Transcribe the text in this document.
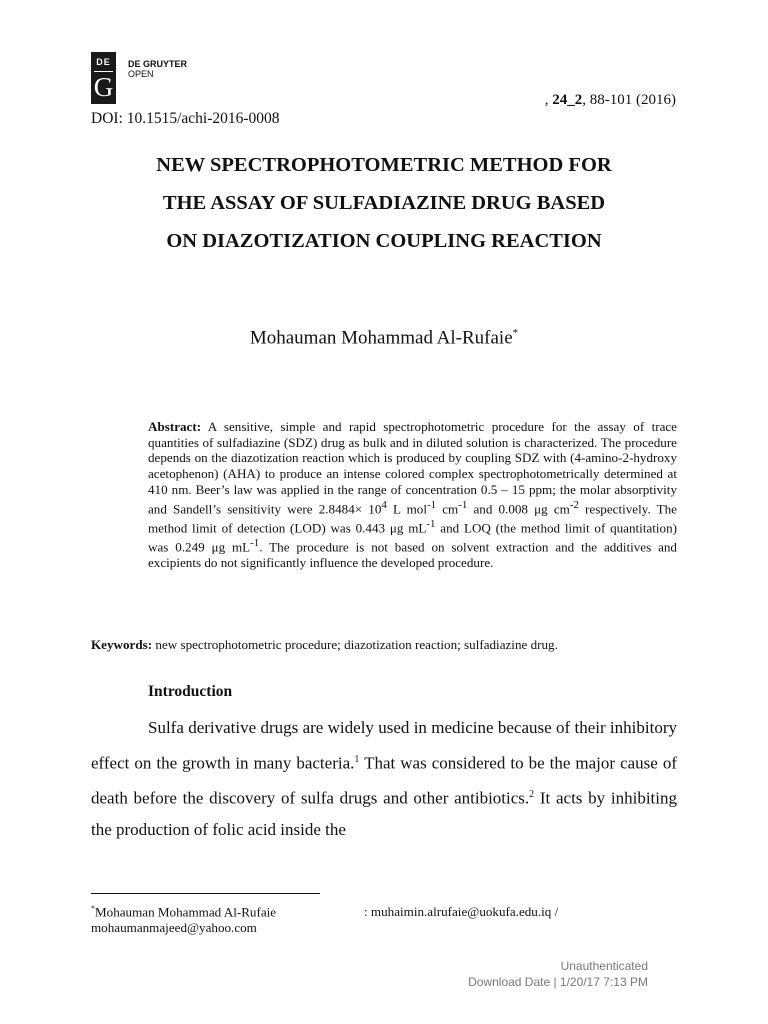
DE
G
DE GRUYTER
OPEN
, 24_2, 88-101 (2016)
DOI: 10.1515/achi-2016-0008
NEW SPECTROPHOTOMETRIC METHOD FOR
THE ASSAY OF SULFADIAZINE DRUG BASED
ON DIAZOTIZATION COUPLING REACTION
Mohauman Mohammad Al-Rufaie*
Abstract: A sensitive, simple and rapid spectrophotometric procedure for the assay of trace quantities of sulfadiazine (SDZ) drug as bulk and in diluted solution is characterized. The procedure depends on the diazotization reaction which is produced by coupling SDZ with (4-amino-2-hydroxy acetophenon) (AHA) to produce an intense colored complex spectrophotometrically determined at 410 nm. Beer’s law was applied in the range of concentration 0.5 – 15 ppm; the molar absorptivity and Sandell’s sensitivity were $2.8484\times 10^4$ L mol$^{-1}$ $cm^{-1}$ and 0.008 μg $cm^{-2}$ respectively. The method limit of detection (LOD) was 0.443 μg $mL^{-1}$ and LOQ (the method limit of quantitation) was 0.249 μg $mL^{-1}$. The procedure is not based on solvent extraction and the additives and excipients do not significantly influence the developed procedure.
Keywords: new spectrophotometric procedure; diazotization reaction; sulfadiazine drug.
Introduction
Sulfa derivative drugs are widely used in medicine because of their inhibitory effect on the growth in many bacteria.$^1$ That was considered to be the major cause of death before the discovery of sulfa drugs and other antibiotics.$^2$ It acts by inhibiting the production of folic acid inside the
*Mohauman Mohammad Al-Rufaie	: muhaimin.alrufaie@uokufa.edu.iq /
mohaumanmajeed@yahoo.com
Unauthenticated
Download Date | 1/20/17 7:13 PM
